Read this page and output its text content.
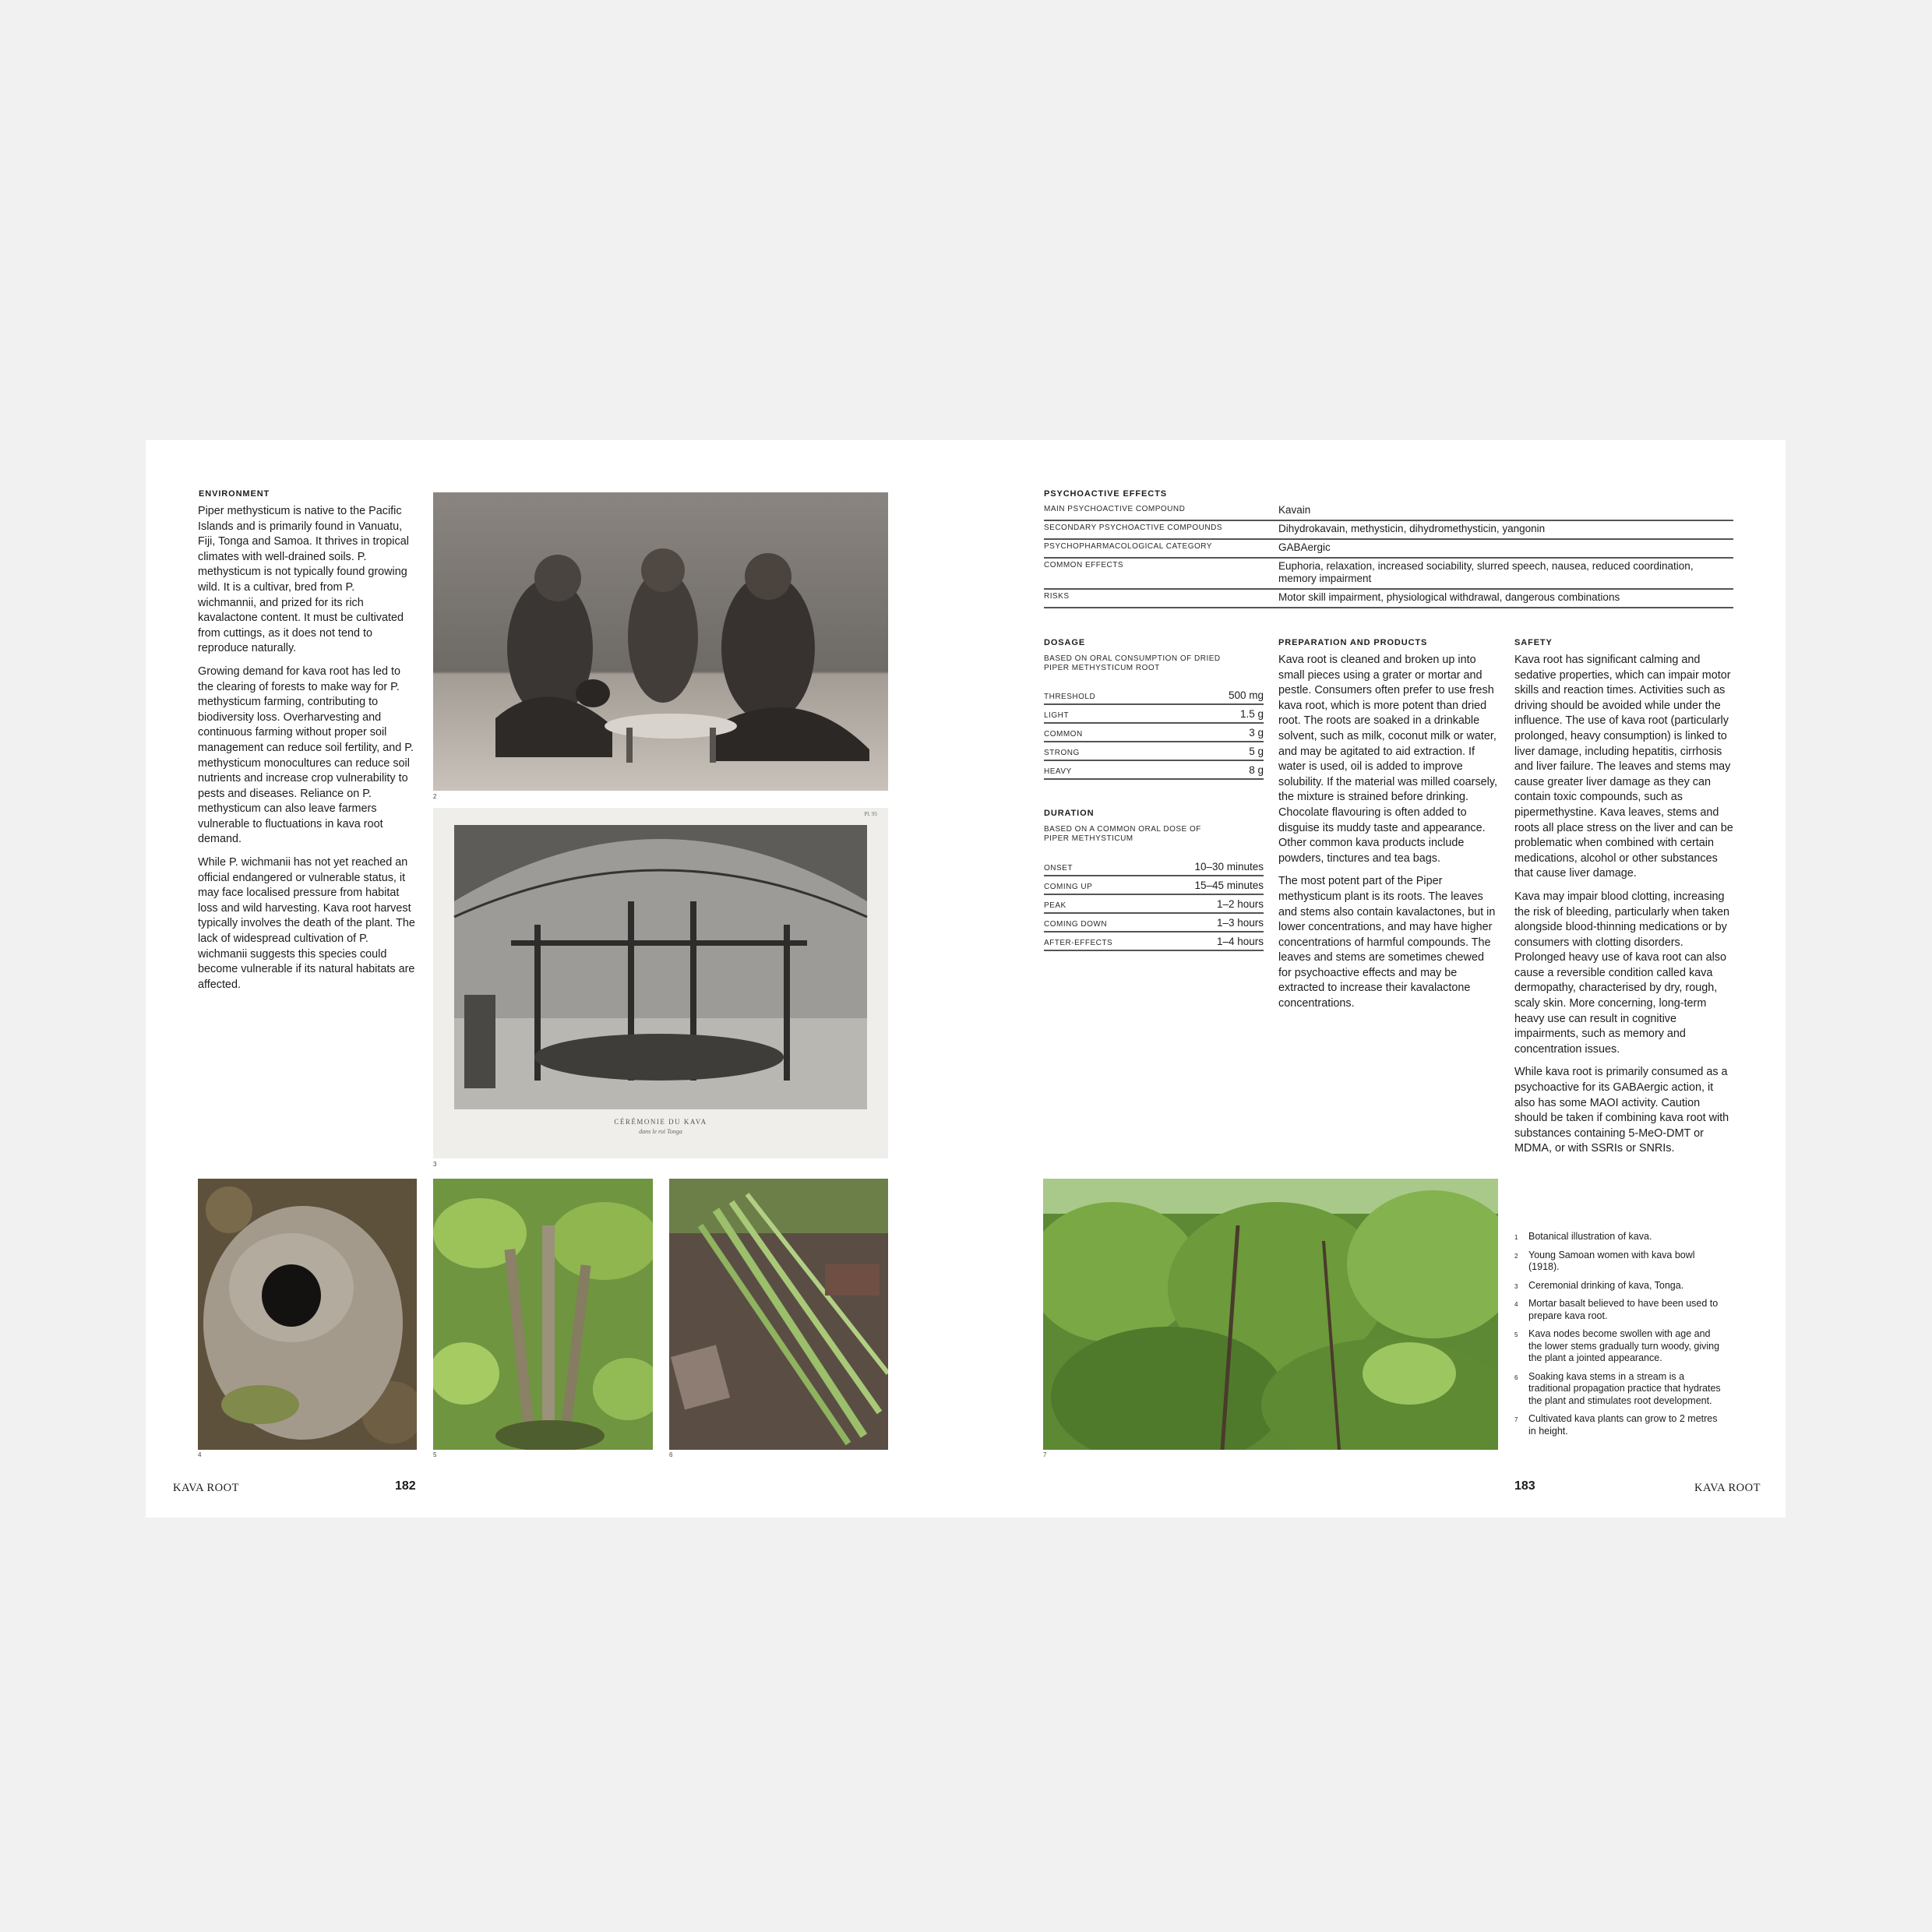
ENVIRONMENT

Piper methysticum is native to the Pacific Islands and is primarily found in Vanuatu, Fiji, Tonga and Samoa. It thrives in tropical climates with well-drained soils. P. methysticum is not typically found growing wild. It is a cultivar, bred from P. wichmannii, and prized for its rich kavalactone content. It must be cultivated from cuttings, as it does not tend to reproduce naturally.

Growing demand for kava root has led to the clearing of forests to make way for P. methysticum farming, contributing to biodiversity loss. Overharvesting and continuous farming without proper soil management can reduce soil fertility, and P. methysticum monocultures can reduce soil nutrients and increase crop vulnerability to pests and diseases. Reliance on P. methysticum can also leave farmers vulnerable to fluctuations in kava root demand.

While P. wichmanii has not yet reached an official endangered or vulnerable status, it may face localised pressure from habitat loss and wild harvesting. Kava root harvest typically involves the death of the plant. The lack of widespread cultivation of P. wichmanii suggests this species could become vulnerable if its natural habitats are affected.

2
CÉRÉMONIE DU KAVA
dans le roi Tonga
Pl. 95
3
4	5	6
KAVA ROOT	182
PSYCHOACTIVE EFFECTS
MAIN PSYCHOACTIVE COMPOUND	Kavain
SECONDARY PSYCHOACTIVE COMPOUNDS	Dihydrokavain, methysticin, dihydromethysticin, yangonin
PSYCHOPHARMACOLOGICAL CATEGORY	GABAergic
COMMON EFFECTS	Euphoria, relaxation, increased sociability, slurred speech, nausea, reduced coordination, memory impairment
RISKS	Motor skill impairment, physiological withdrawal, dangerous combinations
DOSAGE
BASED ON ORAL CONSUMPTION OF DRIED PIPER METHYSTICUM ROOT
THRESHOLD	500 mg
LIGHT	1.5 g
COMMON	3 g
STRONG	5 g
HEAVY	8 g
DURATION
BASED ON A COMMON ORAL DOSE OF PIPER METHYSTICUM
ONSET	10–30 minutes
COMING UP	15–45 minutes
PEAK	1–2 hours
COMING DOWN	1–3 hours
AFTER-EFFECTS	1–4 hours
PREPARATION AND PRODUCTS

Kava root is cleaned and broken up into small pieces using a grater or mortar and pestle. Consumers often prefer to use fresh kava root, which is more potent than dried root. The roots are soaked in a drinkable solvent, such as milk, coconut milk or water, and may be agitated to aid extraction. If water is used, oil is added to improve solubility. If the material was milled coarsely, the mixture is strained before drinking. Chocolate flavouring is often added to disguise its muddy taste and appearance. Other common kava products include powders, tinctures and tea bags.

The most potent part of the Piper methysticum plant is its roots. The leaves and stems also contain kavalactones, but in lower concentrations, and may have higher concentrations of harmful compounds. The leaves and stems are sometimes chewed for psychoactive effects and may be extracted to increase their kavalactone concentrations.

SAFETY

Kava root has significant calming and sedative properties, which can impair motor skills and reaction times. Activities such as driving should be avoided while under the influence. The use of kava root (particularly prolonged, heavy consumption) is linked to liver damage, including hepatitis, cirrhosis and liver failure. The leaves and stems may cause greater liver damage as they can contain toxic compounds, such as pipermethystine. Kava leaves, stems and roots all place stress on the liver and can be problematic when combined with certain medications, alcohol or other substances that cause liver damage.

Kava may impair blood clotting, increasing the risk of bleeding, particularly when taken alongside blood-thinning medications or by consumers with clotting disorders. Prolonged heavy use of kava root can also cause a reversible condition called kava dermopathy, characterised by dry, rough, scaly skin. More concerning, long-term heavy use can result in cognitive impairments, such as memory and concentration issues.

While kava root is primarily consumed as a psychoactive for its GABAergic action, it also has some MAOI activity. Caution should be taken if combining kava root with substances containing 5-MeO-DMT or MDMA, or with SSRIs or SNRIs.

7
1 Botanical illustration of kava.
2 Young Samoan women with kava bowl (1918).
3 Ceremonial drinking of kava, Tonga.
4 Mortar basalt believed to have been used to prepare kava root.
5 Kava nodes become swollen with age and the lower stems gradually turn woody, giving the plant a jointed appearance.
6 Soaking kava stems in a stream is a traditional propagation practice that hydrates the plant and stimulates root development.
7 Cultivated kava plants can grow to 2 metres in height.
183	KAVA ROOT
